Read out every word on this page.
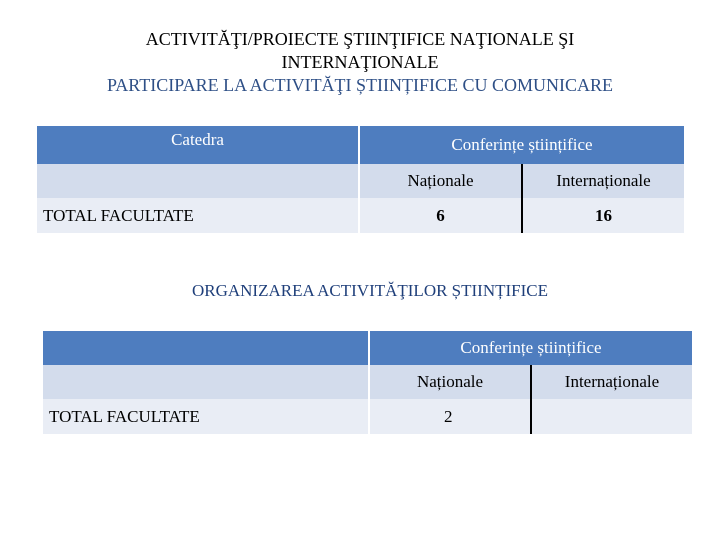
ACTIVITĂŢI/PROIECTE ŞTIINŢIFICE NAŢIONALE ŞI
INTERNAŢIONALE
PARTICIPARE LA ACTIVITĂŢI ȘTIINȚIFICE CU COMUNICARE
Catedra	Conferințe științifice	
	Naționale	Internaționale
TOTAL FACULTATE	6	16
ORGANIZAREA ACTIVITĂŢILOR ȘTIINȚIFICE
	Conferințe științifice	
	Naționale	Internaționale
TOTAL FACULTATE	2	
